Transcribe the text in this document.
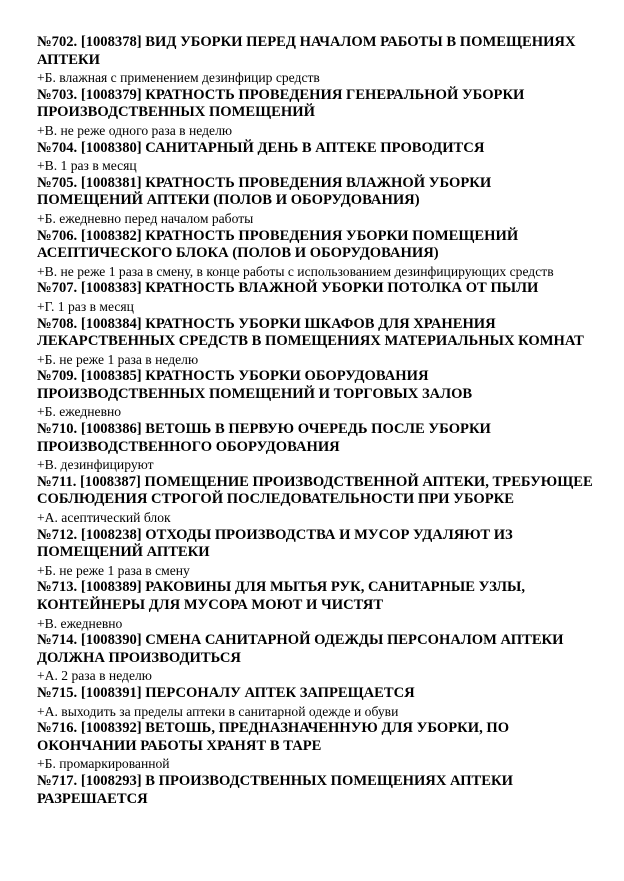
№702. [1008378] ВИД УБОРКИ ПЕРЕД НАЧАЛОМ РАБОТЫ В ПОМЕЩЕНИЯХ АПТЕКИ

+Б. влажная с применением дезинфицир средств

№703. [1008379] КРАТНОСТЬ ПРОВЕДЕНИЯ ГЕНЕРАЛЬНОЙ УБОРКИ ПРОИЗВОДСТВЕННЫХ ПОМЕЩЕНИЙ

+В. не реже одного раза в неделю

№704. [1008380] САНИТАРНЫЙ ДЕНЬ В АПТЕКЕ ПРОВОДИТСЯ

+В. 1 раз в месяц

№705. [1008381] КРАТНОСТЬ ПРОВЕДЕНИЯ ВЛАЖНОЙ УБОРКИ ПОМЕЩЕНИЙ АПТЕКИ (ПОЛОВ И ОБОРУДОВАНИЯ)

+Б. ежедневно перед началом работы

№706. [1008382] КРАТНОСТЬ ПРОВЕДЕНИЯ УБОРКИ ПОМЕЩЕНИЙ АСЕПТИЧЕСКОГО БЛОКА (ПОЛОВ И ОБОРУДОВАНИЯ)

+В. не реже 1 раза в смену, в конце работы с использованием дезинфицирующих средств

№707. [1008383] КРАТНОСТЬ ВЛАЖНОЙ УБОРКИ ПОТОЛКА ОТ ПЫЛИ

+Г. 1 раз в месяц

№708. [1008384] КРАТНОСТЬ УБОРКИ ШКАФОВ ДЛЯ ХРАНЕНИЯ ЛЕКАРСТВЕННЫХ СРЕДСТВ В ПОМЕЩЕНИЯХ МАТЕРИАЛЬНЫХ КОМНАТ

+Б. не реже 1 раза в неделю

№709. [1008385] КРАТНОСТЬ УБОРКИ ОБОРУДОВАНИЯ ПРОИЗВОДСТВЕННЫХ ПОМЕЩЕНИЙ И ТОРГОВЫХ ЗАЛОВ

+Б. ежедневно

№710. [1008386] ВЕТОШЬ В ПЕРВУЮ ОЧЕРЕДЬ ПОСЛЕ УБОРКИ ПРОИЗВОДСТВЕННОГО ОБОРУДОВАНИЯ

+В. дезинфицируют

№711. [1008387] ПОМЕЩЕНИЕ ПРОИЗВОДСТВЕННОЙ АПТЕКИ, ТРЕБУЮЩЕЕ СОБЛЮДЕНИЯ СТРОГОЙ ПОСЛЕДОВАТЕЛЬНОСТИ ПРИ УБОРКЕ

+А. асептический блок

№712. [1008238] ОТХОДЫ ПРОИЗВОДСТВА И МУСОР УДАЛЯЮТ ИЗ ПОМЕЩЕНИЙ АПТЕКИ

+Б. не реже 1 раза в смену

№713. [1008389] РАКОВИНЫ ДЛЯ МЫТЬЯ РУК, САНИТАРНЫЕ УЗЛЫ, КОНТЕЙНЕРЫ ДЛЯ МУСОРА МОЮТ И ЧИСТЯТ

+В. ежедневно

№714. [1008390] СМЕНА САНИТАРНОЙ ОДЕЖДЫ ПЕРСОНАЛОМ АПТЕКИ ДОЛЖНА ПРОИЗВОДИТЬСЯ

+А. 2 раза в неделю

№715. [1008391] ПЕРСОНАЛУ АПТЕК ЗАПРЕЩАЕТСЯ

+А. выходить за пределы аптеки в санитарной одежде и обуви

№716. [1008392] ВЕТОШЬ, ПРЕДНАЗНАЧЕННУЮ ДЛЯ УБОРКИ, ПО ОКОНЧАНИИ РАБОТЫ ХРАНЯТ В ТАРЕ

+Б. промаркированной

№717. [1008293] В ПРОИЗВОДСТВЕННЫХ ПОМЕЩЕНИЯХ АПТЕКИ РАЗРЕШАЕТСЯ
